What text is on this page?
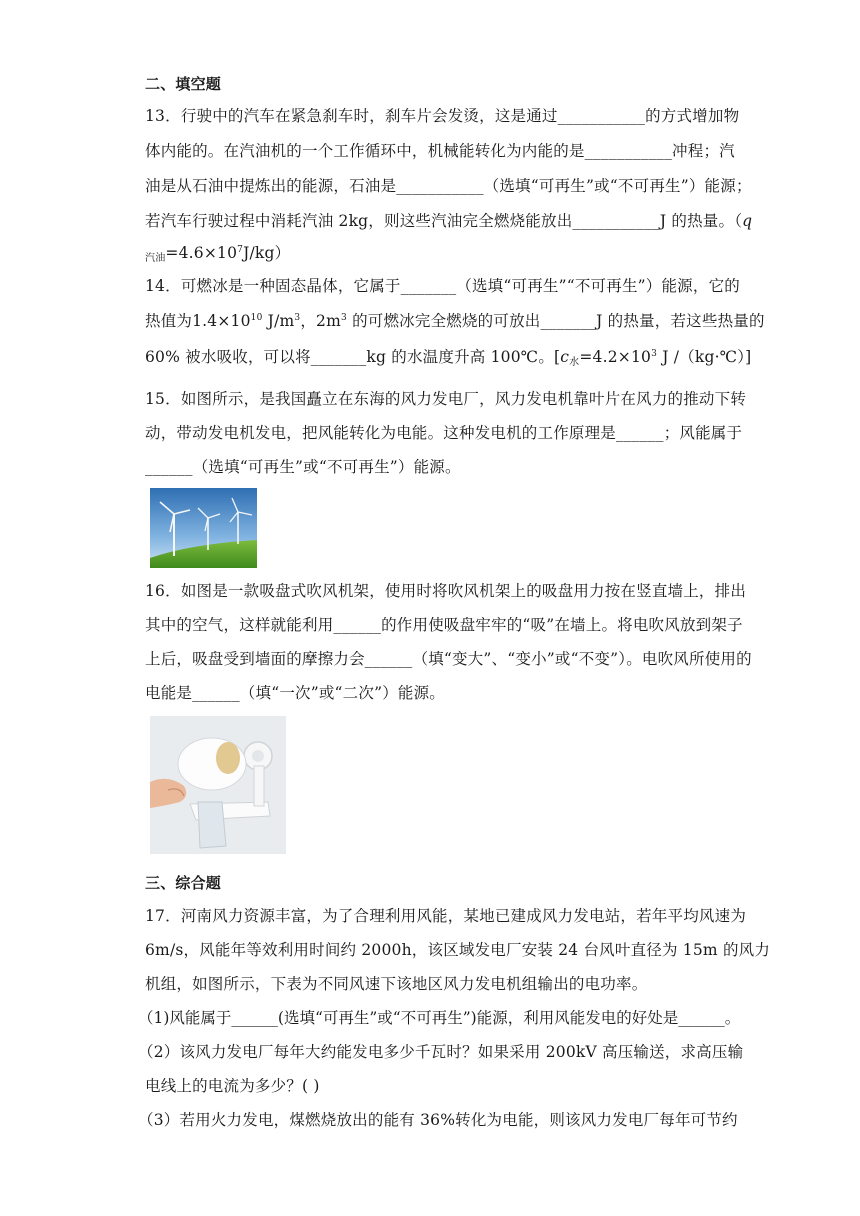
二、填空题
13．行驶中的汽车在紧急刹车时，刹车片会发烫，这是通过___________的方式增加物
体内能的。在汽油机的一个工作循环中，机械能转化为内能的是___________冲程；汽
油是从石油中提炼出的能源，石油是___________（选填“可再生”或“不可再生”）能源；
若汽车行驶过程中消耗汽油 2kg，则这些汽油完全燃烧能放出___________J 的热量。（q
$_{汽油}=4.6\times 10^7J/kg$）
14．可燃冰是一种固态晶体，它属于_______（选填“可再生”“不可再生”）能源，它的
热值为$1.4\times 10^{10}$ $J/m^3$，$2m^3$ 的可燃冰完全燃烧的可放出_______J 的热量，若这些热量的
60% 被水吸收，可以将_______kg 的水温度升高 100℃。[$c_水=4.2\times 10^3$ J /（kg·℃）]
15．如图所示，是我国矗立在东海的风力发电厂，风力发电机靠叶片在风力的推动下转
动，带动发电机发电，把风能转化为电能。这种发电机的工作原理是______；风能属于
______（选填“可再生”或“不可再生”）能源。
16．如图是一款吸盘式吹风机架，使用时将吹风机架上的吸盘用力按在竖直墙上，排出
其中的空气，这样就能利用______的作用使吸盘牢牢的“吸”在墙上。将电吹风放到架子
上后，吸盘受到墙面的摩擦力会______（填“变大”、“变小”或“不变”）。电吹风所使用的
电能是______（填“一次”或“二次”）能源。
三、综合题
17．河南风力资源丰富，为了合理利用风能，某地已建成风力发电站，若年平均风速为
6m/s，风能年等效利用时间约 2000h，该区域发电厂安装 24 台风叶直径为 15m 的风力
机组，如图所示，下表为不同风速下该地区风力发电机组输出的电功率。
（1)风能属于______(选填“可再生”或“不可再生”)能源，利用风能发电的好处是______。
（2）该风力发电厂每年大约能发电多少千瓦时？如果采用 200kV 高压输送，求高压输
电线上的电流为多少？( )
（3）若用火力发电，煤燃烧放出的能有 36%转化为电能，则该风力发电厂每年可节约
